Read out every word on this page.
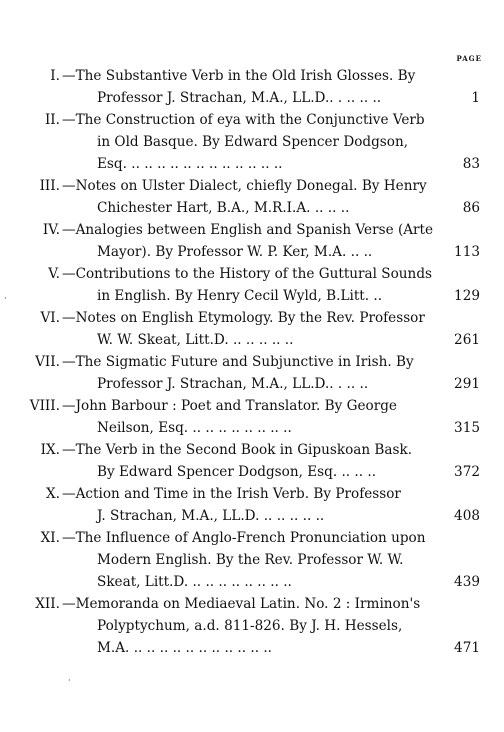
PAGE
I. —The Substantive Verb in the Old Irish Glosses. By
Professor J. Strachan, M.A., LL.D.. . .. .. ..	1
II. —The Construction of eya with the Conjunctive Verb
in Old Basque. By Edward Spencer Dodgson,
Esq. .. .. .. .. .. .. .. .. .. .. .. ..	83
III. —Notes on Ulster Dialect, chiefly Donegal. By Henry
Chichester Hart, B.A., M.R.I.A. .. .. ..	86
IV. —Analogies between English and Spanish Verse (Arte
Mayor). By Professor W. P. Ker, M.A. .. ..	113
V. —Contributions to the History of the Guttural Sounds
in English. By Henry Cecil Wyld, B.Litt. ..	129
·
VI. —Notes on English Etymology. By the Rev. Professor
W. W. Skeat, Litt.D. .. .. .. .. ..	261
VII. —The Sigmatic Future and Subjunctive in Irish. By
Professor J. Strachan, M.A., LL.D.. . .. ..	291
VIII. —John Barbour : Poet and Translator. By George
Neilson, Esq. .. .. .. .. .. .. .. ..	315
IX. —The Verb in the Second Book in Gipuskoan Bask.
By Edward Spencer Dodgson, Esq. .. .. ..	372
X. —Action and Time in the Irish Verb. By Professor
J. Strachan, M.A., LL.D. .. .. .. .. ..	408
XI. —The Influence of Anglo-French Pronunciation upon
Modern English. By the Rev. Professor W. W.
Skeat, Litt.D. .. .. .. .. .. .. .. ..	439
XII. —Memoranda on Mediaeval Latin. No. 2 : Irminon's
Polyptychum, a.d. 811-826. By J. H. Hessels,
M.A. .. .. .. .. .. .. .. .. .. .. ..	471
·
